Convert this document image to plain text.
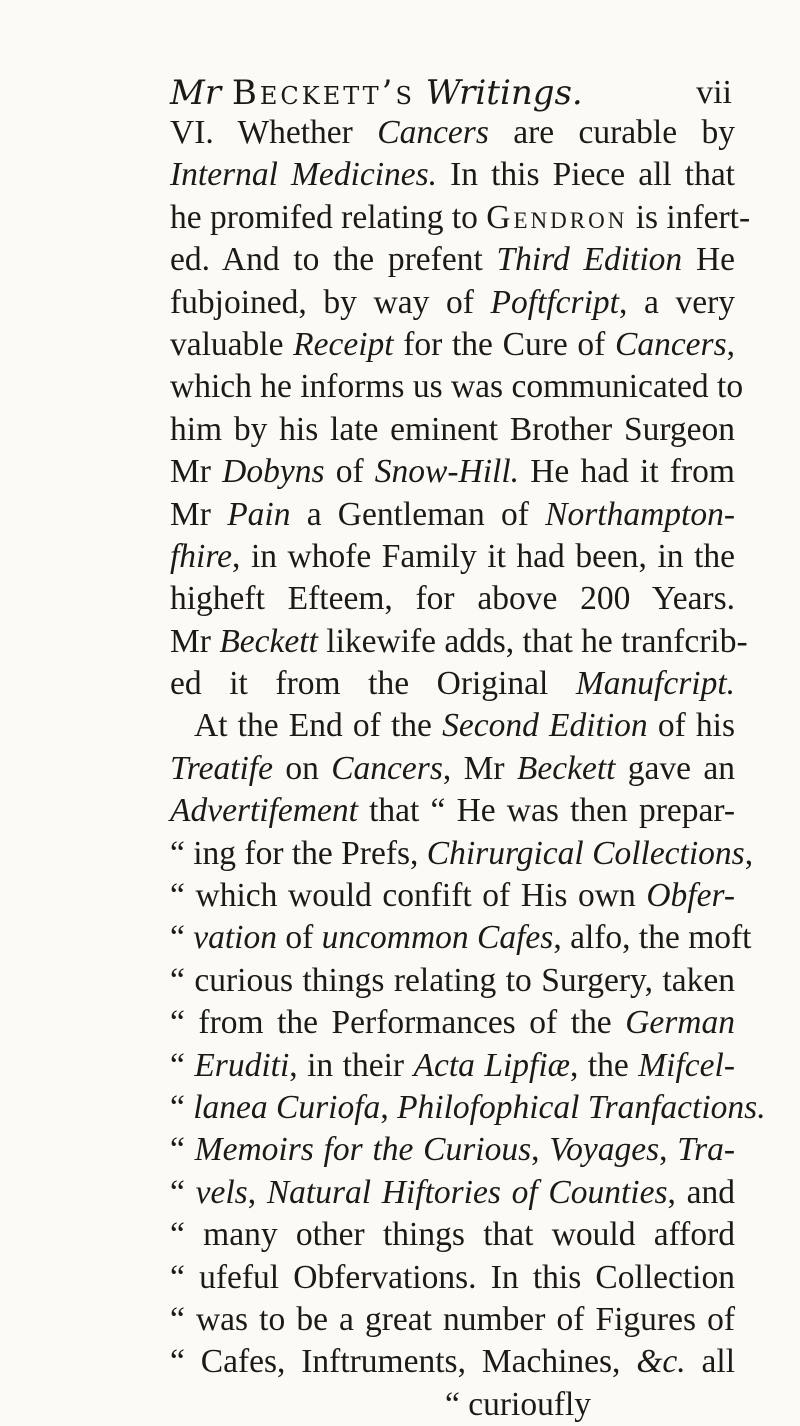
Mr Beckett’s Writings.	vii
VI. Whether Cancers are curable by
Internal Medicines. In this Piece all that
he promifed relating to Gendron is infert-
ed. And to the prefent Third Edition He
fubjoined, by way of Poftfcript, a very
valuable Receipt for the Cure of Cancers,
which he informs us was communicated to
him by his late eminent Brother Surgeon
Mr Dobyns of Snow-Hill. He had it from
Mr Pain a Gentleman of Northampton-
fhire, in whofe Family it had been, in the
higheft Efteem, for above 200 Years.
Mr Beckett likewife adds, that he tranfcrib-
ed it from the Original Manufcript.
At the End of the Second Edition of his
Treatife on Cancers, Mr Beckett gave an
Advertifement that “ He was then prepar-
“ ing for the Prefs, Chirurgical Collections,
“ which would confift of His own Obfer-
“ vation of uncommon Cafes, alfo, the moft
“ curious things relating to Surgery, taken
“ from the Performances of the German
“ Eruditi, in their Acta Lipfiæ, the Mifcel-
“ lanea Curiofa, Philofophical Tranfactions.
“ Memoirs for the Curious, Voyages, Tra-
“ vels, Natural Hiftories of Counties, and
“ many other things that would afford
“ ufeful Obfervations. In this Collection
“ was to be a great number of Figures of
“ Cafes, Inftruments, Machines, &c. all
“ curioufly
